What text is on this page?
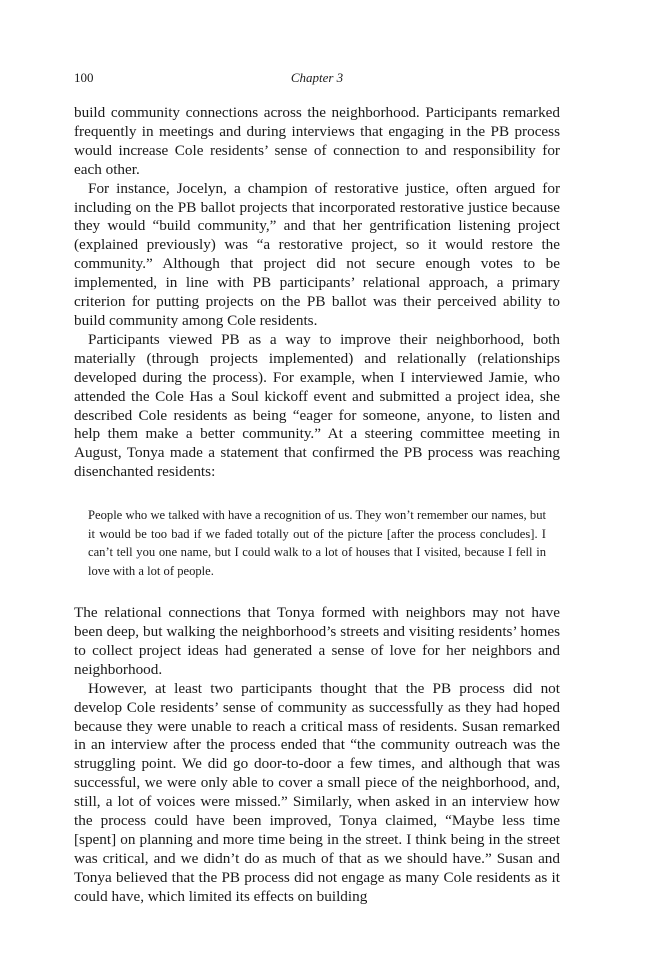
100	Chapter 3

build community connections across the neighborhood. Participants remarked frequently in meetings and during interviews that engaging in the PB process would increase Cole residents’ sense of connection to and responsibility for each other.

For instance, Jocelyn, a champion of restorative justice, often argued for including on the PB ballot projects that incorporated restorative justice because they would “build community,” and that her gentrification listening project (explained previously) was “a restorative project, so it would restore the community.” Although that project did not secure enough votes to be implemented, in line with PB participants’ relational approach, a primary criterion for putting projects on the PB ballot was their perceived ability to build community among Cole residents.

Participants viewed PB as a way to improve their neighborhood, both materially (through projects implemented) and relationally (relationships developed during the process). For example, when I interviewed Jamie, who attended the Cole Has a Soul kickoff event and submitted a project idea, she described Cole residents as being “eager for someone, anyone, to listen and help them make a better community.” At a steering committee meeting in August, Tonya made a statement that confirmed the PB process was reaching disenchanted residents:

People who we talked with have a recognition of us. They won’t remember our names, but it would be too bad if we faded totally out of the picture [after the process concludes]. I can’t tell you one name, but I could walk to a lot of houses that I visited, because I fell in love with a lot of people.

The relational connections that Tonya formed with neighbors may not have been deep, but walking the neighborhood’s streets and visiting residents’ homes to collect project ideas had generated a sense of love for her neighbors and neighborhood.

However, at least two participants thought that the PB process did not develop Cole residents’ sense of community as successfully as they had hoped because they were unable to reach a critical mass of residents. Susan remarked in an interview after the process ended that “the community outreach was the struggling point. We did go door-to-door a few times, and although that was successful, we were only able to cover a small piece of the neighborhood, and, still, a lot of voices were missed.” Similarly, when asked in an interview how the process could have been improved, Tonya claimed, “Maybe less time [spent] on planning and more time being in the street. I think being in the street was critical, and we didn’t do as much of that as we should have.” Susan and Tonya believed that the PB process did not engage as many Cole residents as it could have, which limited its effects on building
